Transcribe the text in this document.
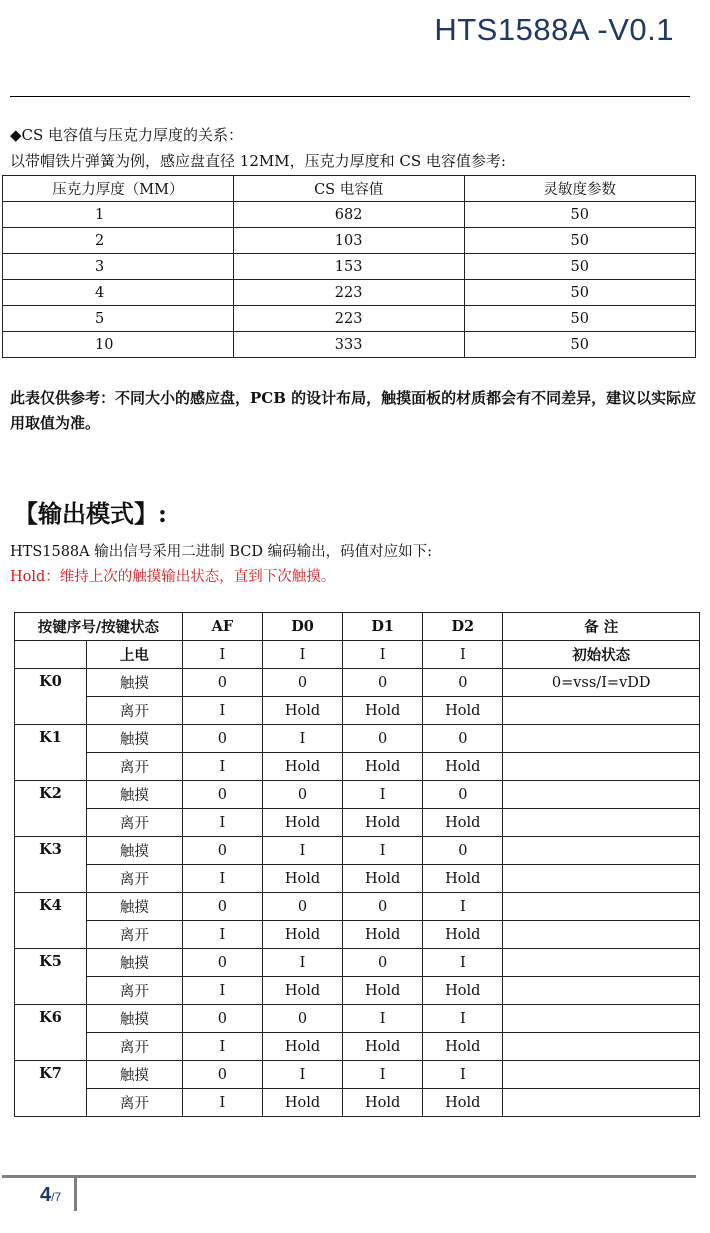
HTS1588A -V0.1
◆CS 电容值与压克力厚度的关系：
以带帽铁片弹簧为例，感应盘直径 12MM，压克力厚度和 CS 电容值参考:
压克力厚度（MM）	CS 电容值	灵敏度参数
1	682	50
2	103	50
3	153	50
4	223	50
5	223	50
10	333	50
此表仅供参考：不同大小的感应盘，PCB 的设计布局，触摸面板的材质都会有不同差异，建议以实际应用取值为准。
【输出模式】:
HTS1588A 输出信号采用二进制 BCD 编码输出，码值对应如下:
Hold：维持上次的触摸输出状态，直到下次触摸。
按键序号/按键状态		AF	D0	D1	D2	备 注
	上电	I	I	I	I	初始状态
K0	触摸	0	0	0	0	0=vss/I=vDD
	离开	I	Hold	Hold	Hold	
K1	触摸	0	I	0	0	
	离开	I	Hold	Hold	Hold	
K2	触摸	0	0	I	0	
	离开	I	Hold	Hold	Hold	
K3	触摸	0	I	I	0	
	离开	I	Hold	Hold	Hold	
K4	触摸	0	0	0	I	
	离开	I	Hold	Hold	Hold	
K5	触摸	0	I	0	I	
	离开	I	Hold	Hold	Hold	
K6	触摸	0	0	I	I	
	离开	I	Hold	Hold	Hold	
K7	触摸	0	I	I	I	
	离开	I	Hold	Hold	Hold	
4/7
